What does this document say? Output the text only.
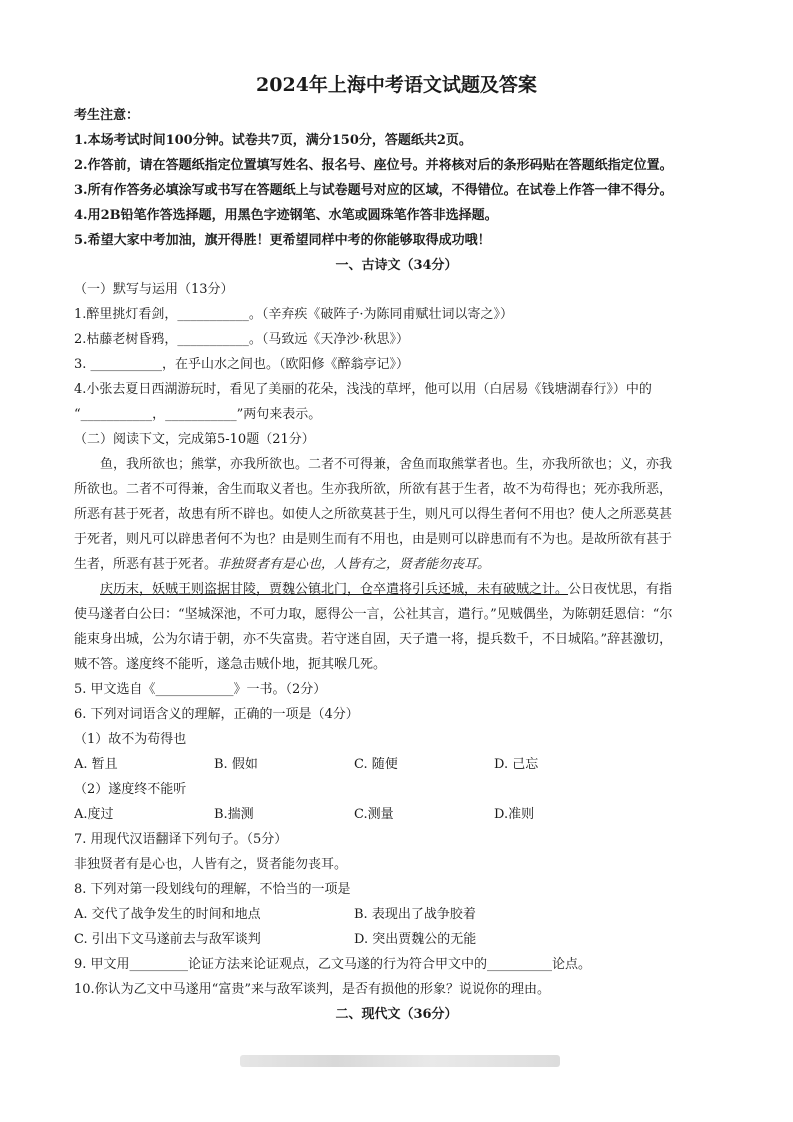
2024年上海中考语文试题及答案
考生注意：
1.本场考试时间100分钟。试卷共7页，满分150分，答题纸共2页。
2.作答前，请在答题纸指定位置填写姓名、报名号、座位号。并将核对后的条形码贴在答题纸指定位置。
3.所有作答务必填涂写或书写在答题纸上与试卷题号对应的区域，不得错位。在试卷上作答一律不得分。
4.用2B铅笔作答选择题，用黑色字迹钢笔、水笔或圆珠笔作答非选择题。
5.希望大家中考加油，旗开得胜！更希望同样中考的你能够取得成功哦！
一、古诗文（34分）
（一）默写与运用（13分）
1.醉里挑灯看剑，___________。（辛弃疾《破阵子·为陈同甫赋壮词以寄之》）
2.枯藤老树昏鸦，___________。（马致远《天净沙·秋思》）
3. ___________，在乎山水之间也。（欧阳修《醉翁亭记》）
4.小张去夏日西湖游玩时，看见了美丽的花朵，浅浅的草坪，他可以用（白居易《钱塘湖春行》）中的
“___________，___________”两句来表示。
（二）阅读下文，完成第5-10题（21分）
鱼，我所欲也；熊掌，亦我所欲也。二者不可得兼，舍鱼而取熊掌者也。生，亦我所欲也；义，亦我
所欲也。二者不可得兼，舍生而取义者也。生亦我所欲，所欲有甚于生者，故不为苟得也；死亦我所恶，
所恶有甚于死者，故患有所不辟也。如使人之所欲莫甚于生，则凡可以得生者何不用也？使人之所恶莫甚
于死者，则凡可以辟患者何不为也？由是则生而有不用也，由是则可以辟患而有不为也。是故所欲有甚于
生者，所恶有甚于死者。非独贤者有是心也，人皆有之，贤者能勿丧耳。
庆历末，妖贼王则盗据甘陵，贾魏公镇北门，仓卒遣将引兵还城，未有破贼之计。公日夜忧思，有指
使马遂者白公曰：“坚城深池，不可力取，愿得公一言，公社其言，遣行。”见贼偶坐，为陈朝廷恩信：“尔
能束身出城，公为尔请于朝，亦不失富贵。若守迷自固，天子遣一将，提兵数千，不日城陷。”辞甚激切，
贼不答。遂度终不能听，遂急击贼仆地，扼其喉几死。
5. 甲文选自《____________》一书。（2分）
6. 下列对词语含义的理解，正确的一项是（4分）
（1）故不为苟得也
A. 暂且	B. 假如	C. 随便	D. 己忘
（2）遂度终不能听
A.度过	B.揣测	C.测量	D.准则
7. 用现代汉语翻译下列句子。（5分）
非独贤者有是心也，人皆有之，贤者能勿丧耳。
8. 下列对第一段划线句的理解，不恰当的一项是
A. 交代了战争发生的时间和地点	B. 表现出了战争胶着
C. 引出下文马遂前去与敌军谈判	D. 突出贾魏公的无能
9. 甲文用_________论证方法来论证观点，乙文马遂的行为符合甲文中的__________论点。
10.你认为乙文中马遂用“富贵”来与敌军谈判，是否有损他的形象？说说你的理由。
二、现代文（36分）
